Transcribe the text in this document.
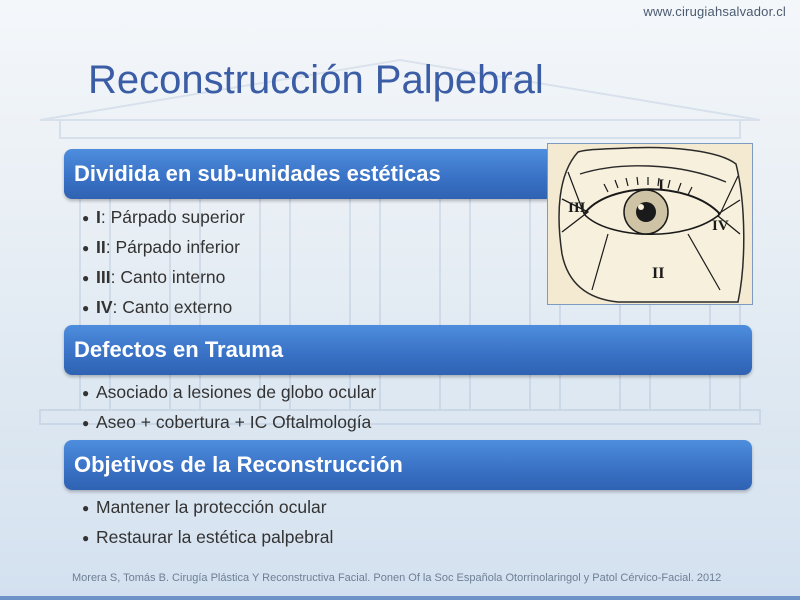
www.cirugiahsalvador.cl
Reconstrucción Palpebral
Dividida en sub-unidades estéticas
● I: Párpado superior
● II: Párpado inferior
● III: Canto interno
● IV: Canto externo
Defectos en Trauma
● Asociado a lesiones de globo ocular
● Aseo + cobertura + IC Oftalmología
Objetivos de la Reconstrucción
● Mantener la protección ocular
● Restaurar la estética palpebral
I
II
III
IV
Morera S, Tomás B. Cirugía Plástica Y Reconstructiva Facial. Ponen Of la Soc Española Otorrinolaringol y Patol Cérvico-Facial. 2012
